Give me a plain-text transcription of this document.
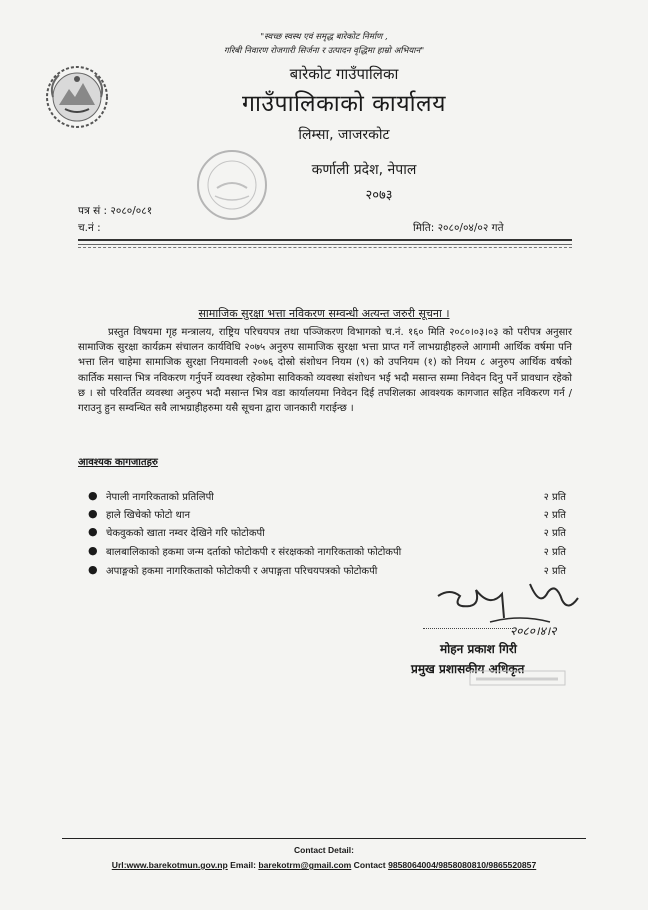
"स्वच्छ स्वस्थ एवं समृद्ध बारेकोट निर्माण ,
गरिबी निवारण रोजगारी सिर्जना र उत्पादन वृद्धिमा हाम्रो अभियान"
बारेकोट गाउँपालिका
गाउँपालिकाको कार्यालय
लिम्सा, जाजरकोट
कर्णाली प्रदेश, नेपाल
२०७३
पत्र सं : २०८०/०८१
च.नं :	मिति: २०८०/०४/०२ गते
सामाजिक सुरक्षा भत्ता नविकरण सम्वन्धी अत्यन्त जरुरी सूचना ।

प्रस्तुत विषयमा गृह मन्त्रालय, राष्ट्रिय परिचयपत्र तथा पञ्जिकरण विभागको च.नं. १६० मिति २०८०।०३।०३ को परीपत्र अनुसार सामाजिक सुरक्षा कार्यक्रम संचालन कार्यविधि २०७५ अनुरुप सामाजिक सुरक्षा भत्ता प्राप्त गर्ने लाभग्राहीहरुले आगामी आर्थिक वर्षमा पनि भत्ता लिन चाहेमा सामाजिक सुरक्षा नियमावली २०७६ दोस्रो संशोधन नियम (९) को उपनियम (१) को नियम ८ अनुरुप आर्थिक वर्षको कार्तिक मसान्त भित्र नविकरण गर्नुपर्ने व्यवस्था रहेकोमा साविकको व्यवस्था संशोधन भई भदौ मसान्त सम्मा निवेदन दिनु पर्ने प्रावधान रहेको छ । सो परिवर्तित व्यवस्था अनुरुप भदौ मसान्त भित्र वडा कार्यालयमा निवेदन दिई तपशिलका आवश्यक कागजात सहित नविकरण गर्न / गराउनु हुन सम्वन्धित सवै लाभग्राहीहरुमा यसै सूचना द्वारा जानकारी गराईन्छ ।

आवश्यक कागजातहरु
● नेपाली नागरिकताको प्रतिलिपी	२ प्रति
● हाले खिचेको फोटो थान	२ प्रति
● चेकवुकको खाता नम्वर देखिने गरि फोटोकपी	२ प्रति
● बालबालिकाको हकमा जन्म दर्ताको फोटोकपी र संरक्षकको नागरिकताको फोटोकपी	२ प्रति
● अपाङ्गको हकमा नागरिकताको फोटोकपी र अपाङ्गता परिचयपत्रको फोटोकपी	२ प्रति
२०८०।४।२
मोहन प्रकाश गिरी
प्रमुख प्रशासकीय अधिकृत
Contact Detail:
Url:www.barekotmun.gov.np Email: barekotrm@gmail.com Contact 9858064004/9858080810/9865520857
